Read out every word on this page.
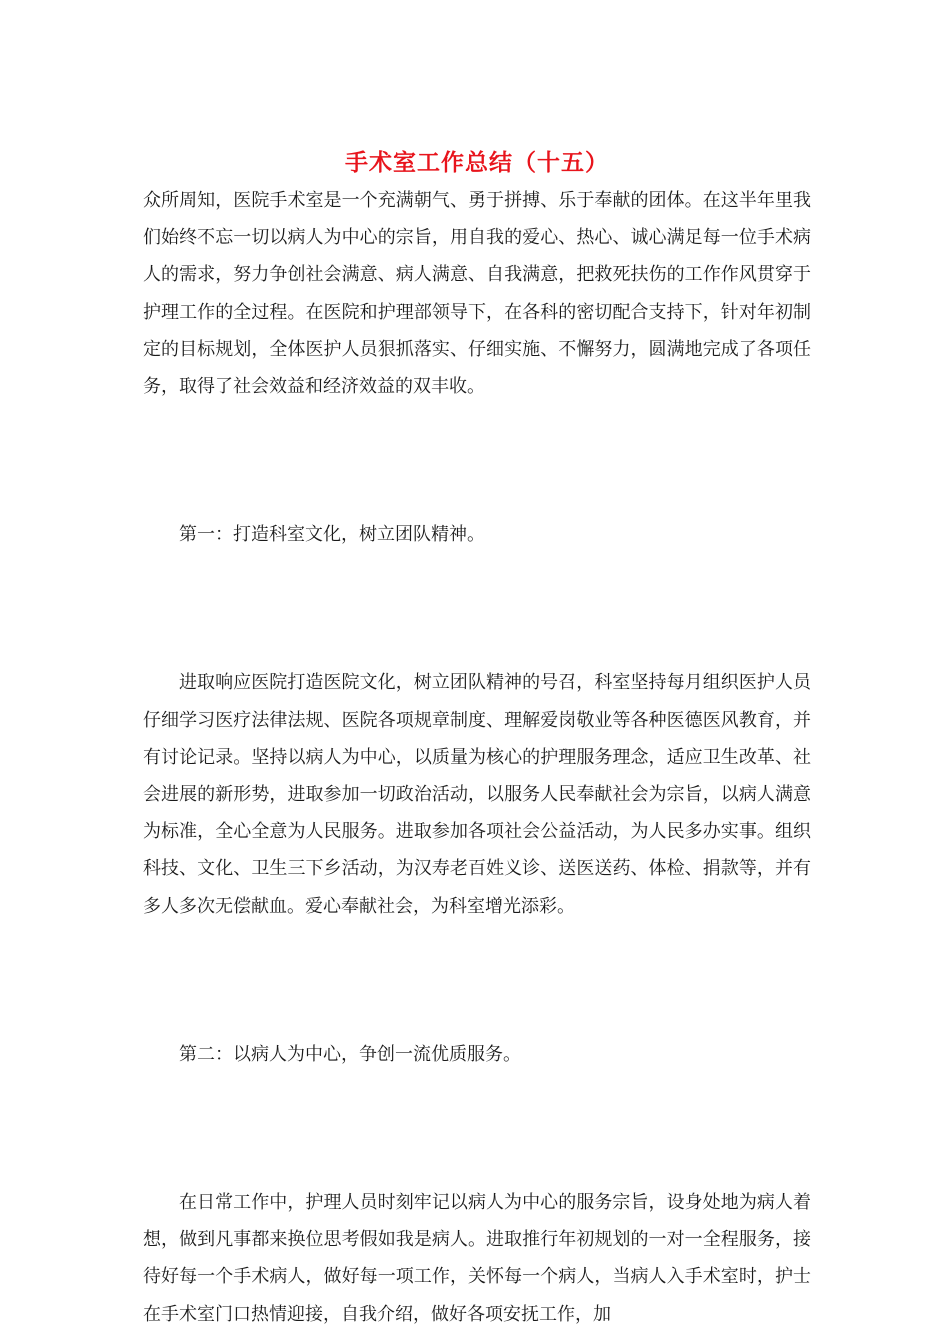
手术室工作总结（十五）

众所周知，医院手术室是一个充满朝气、勇于拼搏、乐于奉献的团体。在这半年里我们始终不忘一切以病人为中心的宗旨，用自我的爱心、热心、诚心满足每一位手术病人的需求，努力争创社会满意、病人满意、自我满意，把救死扶伤的工作作风贯穿于护理工作的全过程。在医院和护理部领导下，在各科的密切配合支持下，针对年初制定的目标规划，全体医护人员狠抓落实、仔细实施、不懈努力，圆满地完成了各项任务，取得了社会效益和经济效益的双丰收。

第一：打造科室文化，树立团队精神。

进取响应医院打造医院文化，树立团队精神的号召，科室坚持每月组织医护人员仔细学习医疗法律法规、医院各项规章制度、理解爱岗敬业等各种医德医风教育，并有讨论记录。坚持以病人为中心，以质量为核心的护理服务理念，适应卫生改革、社会进展的新形势，进取参加一切政治活动，以服务人民奉献社会为宗旨，以病人满意为标准，全心全意为人民服务。进取参加各项社会公益活动，为人民多办实事。组织科技、文化、卫生三下乡活动，为汉寿老百姓义诊、送医送药、体检、捐款等，并有多人多次无偿献血。爱心奉献社会，为科室增光添彩。

第二：以病人为中心，争创一流优质服务。

在日常工作中，护理人员时刻牢记以病人为中心的服务宗旨，设身处地为病人着想，做到凡事都来换位思考假如我是病人。进取推行年初规划的一对一全程服务，接待好每一个手术病人，做好每一项工作，关怀每一个病人，当病人入手术室时，护士在手术室门口热情迎接，自我介绍，做好各项安抚工作，加
